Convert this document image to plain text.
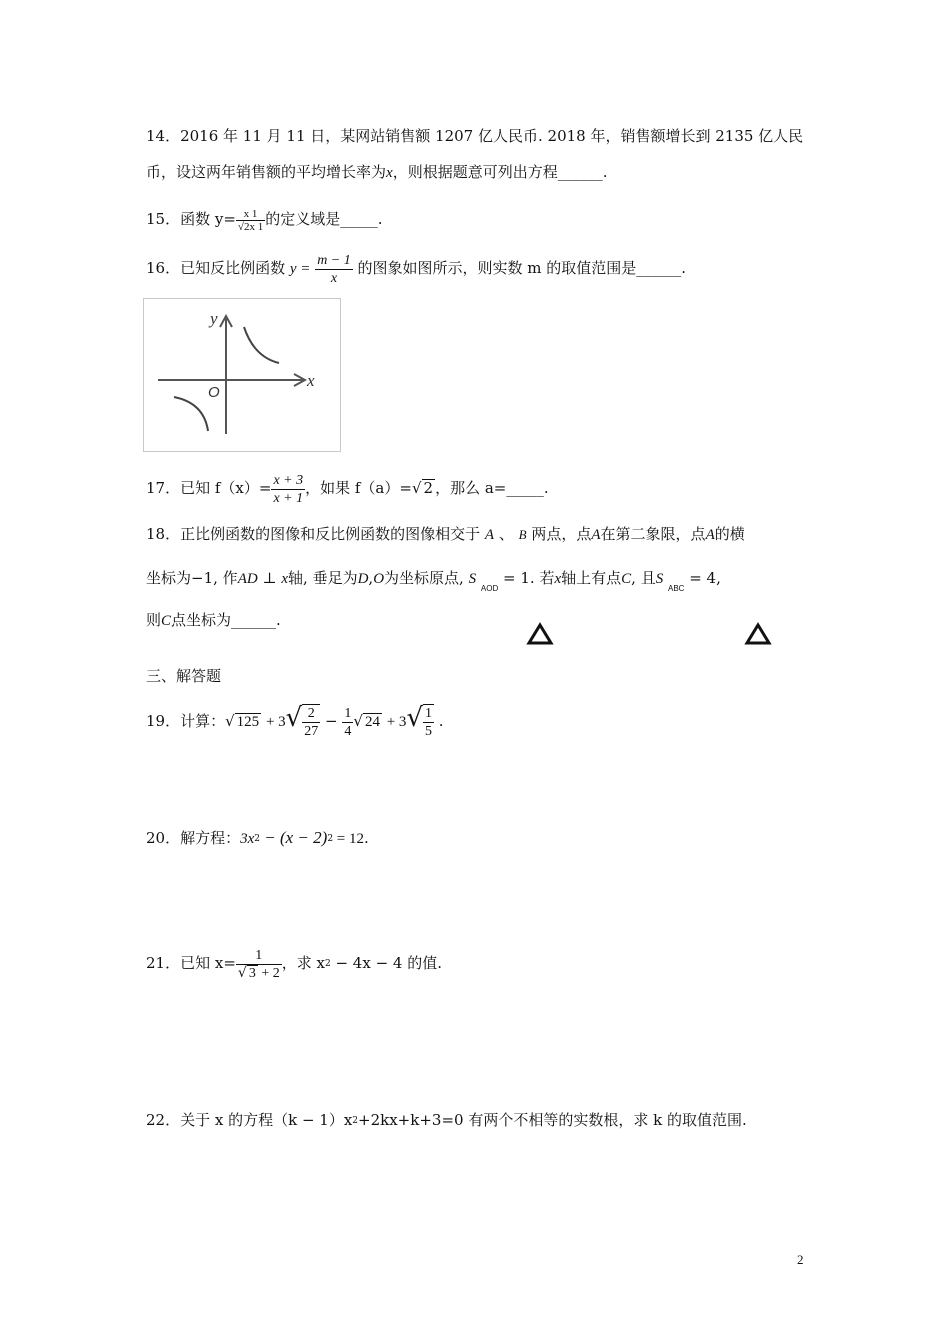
14．2016 年 11 月 11 日，某网站销售额 1207 亿人民币. 2018 年，销售额增长到 2135 亿人民
币，设这两年销售额的平均增长率为x，则根据题意可列出方程______.
15．函数 $y= \frac{x 1}{√2x 1}$ 的定义域是_____.
16．已知反比例函数 $y = \frac{m - 1}{x}$ 的图象如图所示，则实数 m 的取值范围是______.
y
x
O
17．已知 $f(x)= \frac{x + 3}{x + 1}$ ，如果 f（a）=√ 2 ，那么 a=_____.
18．正比例函数的图像和反比例函数的图像相交于 A 、 B 两点，点A在第二象限，点A的横
坐标为−1, 作AD ⊥ x轴, 垂足为D,O为坐标原点, S $_{AOD}$ = 1. 若x轴上有点C, 且S $_{ABC}$ = 4,
则C点坐标为______.
三、解答题
19．计算：√ $125 + 3√ \frac{2}{27} - \frac{1}{4}$ √ $24 + 3√ \frac{1}{5}$ .
20．解方程：$3x^2 - (x - 2)^2 = 12$.
21．已知 $x= \frac{1}{√ 3 + 2}$ ，求 $x^2 - 4x - 4$ 的值.
22．关于 x 的方程$(k - 1)x^2+2kx+k+3=0$ 有两个不相等的实数根，求 k 的取值范围.
2
